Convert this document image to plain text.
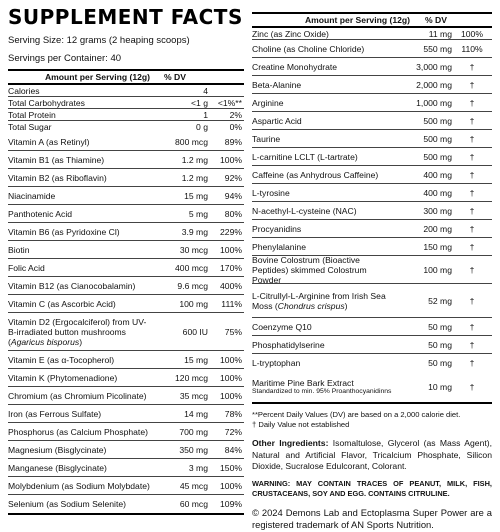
SUPPLEMENT FACTS
Serving Size: 12 grams (2 heaping scoops)
Servings per Container: 40
Amount per Serving (12g)	% DV
Calories	4
Total Carbohydrates	<1 g	<1%**
Total Protein	1	2%
Total Sugar	0 g	0%
Vitamin A (as Retinyl)	800 mcg	89%
Vitamin B1 (as Thiamine)	1.2 mg	100%
Vitamin B2 (as Riboflavin)	1.2 mg	92%
Niacinamide	15 mg	94%
Panthotenic Acid	5 mg	80%
Vitamin B6 (as Pyridoxine Cl)	3.9 mg	229%
Biotin	30 mcg	100%
Folic Acid	400 mcg	170%
Vitamin B12 (as Cianocobalamin)	9.6 mcg	400%
Vitamin C (as Ascorbic Acid)	100 mg	111%
Vitamin D2 (Ergocalciferol) from UV-B-irradiated button mushrooms (Agaricus bisporus)
600 IU	75%
Vitamin E (as α-Tocopherol)	15 mg	100%
Vitamin K (Phytomenadione)	120 mcg	100%
Chromium (as Chromium Picolinate)	35 mcg	100%
Iron (as Ferrous Sulfate)	14 mg	78%
Phosphorus (as Calcium Phosphate)	700 mg	72%
Magnesium (Bisglycinate)	350 mg	84%
Manganese (Bisglycinate)	3 mg	150%
Molybdenium (as Sodium Molybdate)	45 mcg	100%
Selenium (as Sodium Selenite)	60 mcg	109%
Amount per Serving (12g)	% DV
Zinc (as Zinc Oxide)	11 mg	100%
Choline (as Choline Chloride)	550 mg	110%
Creatine Monohydrate	3,000 mg	†
Beta-Alanine	2,000 mg	†
Arginine	1,000 mg	†
Aspartic Acid	500 mg	†
Taurine	500 mg	†
L-carnitine LCLT (L-tartrate)	500 mg	†
Caffeine (as Anhydrous Caffeine)	400 mg	†
L-tyrosine	400 mg	†
N-acethyl-L-cysteine (NAC)	300 mg	†
Procyanidins	200 mg	†
Phenylalanine	150 mg	†
Bovine Colostrum (Bioactive Peptides) skimmed Colostrum Powder
100 mg	†
L-Citrullyl-L-Arginine from Irish Sea Moss (Chondrus crispus)	52 mg	†
Coenzyme Q10	50 mg	†
Phosphatidylserine	50 mg	†
L-tryptophan	50 mg	†
Maritime Pine Bark Extract
Standardized to min. 95% Proanthocyanidinns	10 mg	†
**Percent Daily Values (DV) are based on a 2,000 calorie diet.
† Daily Value not established
Other Ingredients: Isomaltulose, Glycerol (as Mass Agent), Natural and Artificial Flavor, Tricalcium Phosphate, Silicon Dioxide, Sucralose Edulcorant, Colorant.
WARNING: MAY CONTAIN TRACES OF PEANUT, MILK, FISH, CRUSTACEANS, SOY AND EGG. CONTAINS CITRULINE.
© 2024 Demons Lab and Ectoplasma Super Power are a registered trademark of AN Sports Nutrition.
